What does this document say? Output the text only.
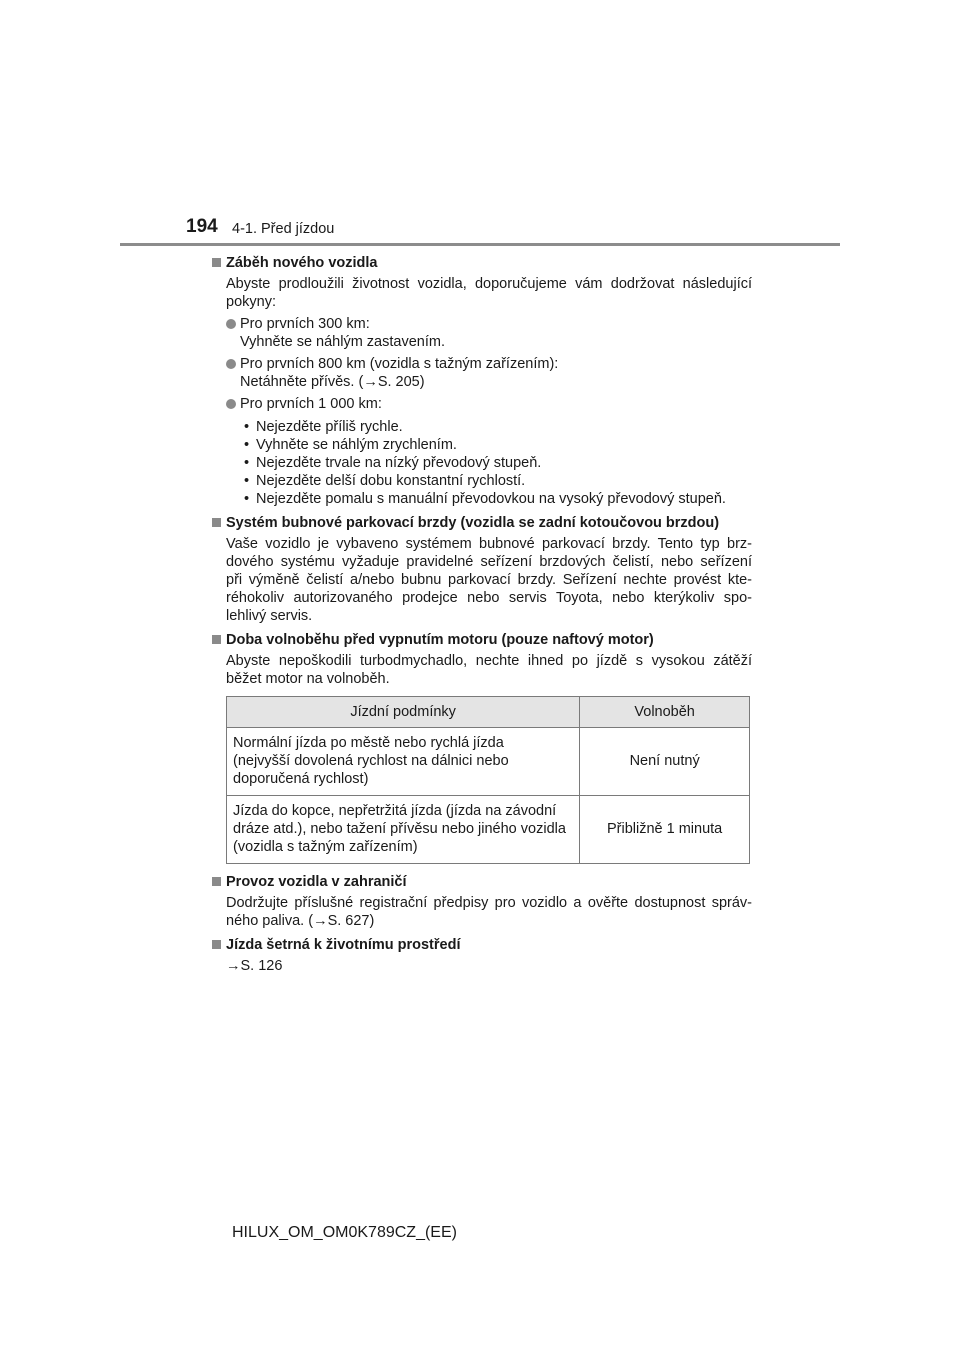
194 4-1. Před jízdou
Záběh nového vozidla
Abyste prodloužili životnost vozidla, doporučujeme vám dodržovat následující
pokyny:
Pro prvních 300 km:
Vyhněte se náhlým zastavením.
Pro prvních 800 km (vozidla s tažným zařízením):
Netáhněte přívěs. (→S. 205)
Pro prvních 1 000 km:
• Nejezděte příliš rychle.
• Vyhněte se náhlým zrychlením.
• Nejezděte trvale na nízký převodový stupeň.
• Nejezděte delší dobu konstantní rychlostí.
• Nejezděte pomalu s manuální převodovkou na vysoký převodový stupeň.
Systém bubnové parkovací brzdy (vozidla se zadní kotoučovou brzdou)
Vaše vozidlo je vybaveno systémem bubnové parkovací brzdy. Tento typ brz-
dového systému vyžaduje pravidelné seřízení brzdových čelistí, nebo seřízení
při výměně čelistí a/nebo bubnu parkovací brzdy. Seřízení nechte provést kte-
réhokoliv autorizovaného prodejce nebo servis Toyota, nebo kterýkoliv spo-
lehlivý servis.
Doba volnoběhu před vypnutím motoru (pouze naftový motor)
Abyste nepoškodili turbodmychadlo, nechte ihned po jízdě s vysokou zátěží
běžet motor na volnoběh.
Jízdní podmínky	Volnoběh

Normální jízda po městě nebo rychlá jízda
(nejvyšší dovolená rychlost na dálnici nebo
doporučená rychlost)	Není nutný

Jízda do kopce, nepřetržitá jízda (jízda na závodní
dráze atd.), nebo tažení přívěsu nebo jiného vozidla
(vozidla s tažným zařízením)	Přibližně 1 minuta
Provoz vozidla v zahraničí
Dodržujte příslušné registrační předpisy pro vozidlo a ověřte dostupnost správ-
ného paliva. (→S. 627)
Jízda šetrná k životnímu prostředí
→S. 126
HILUX_OM_OM0K789CZ_(EE)
